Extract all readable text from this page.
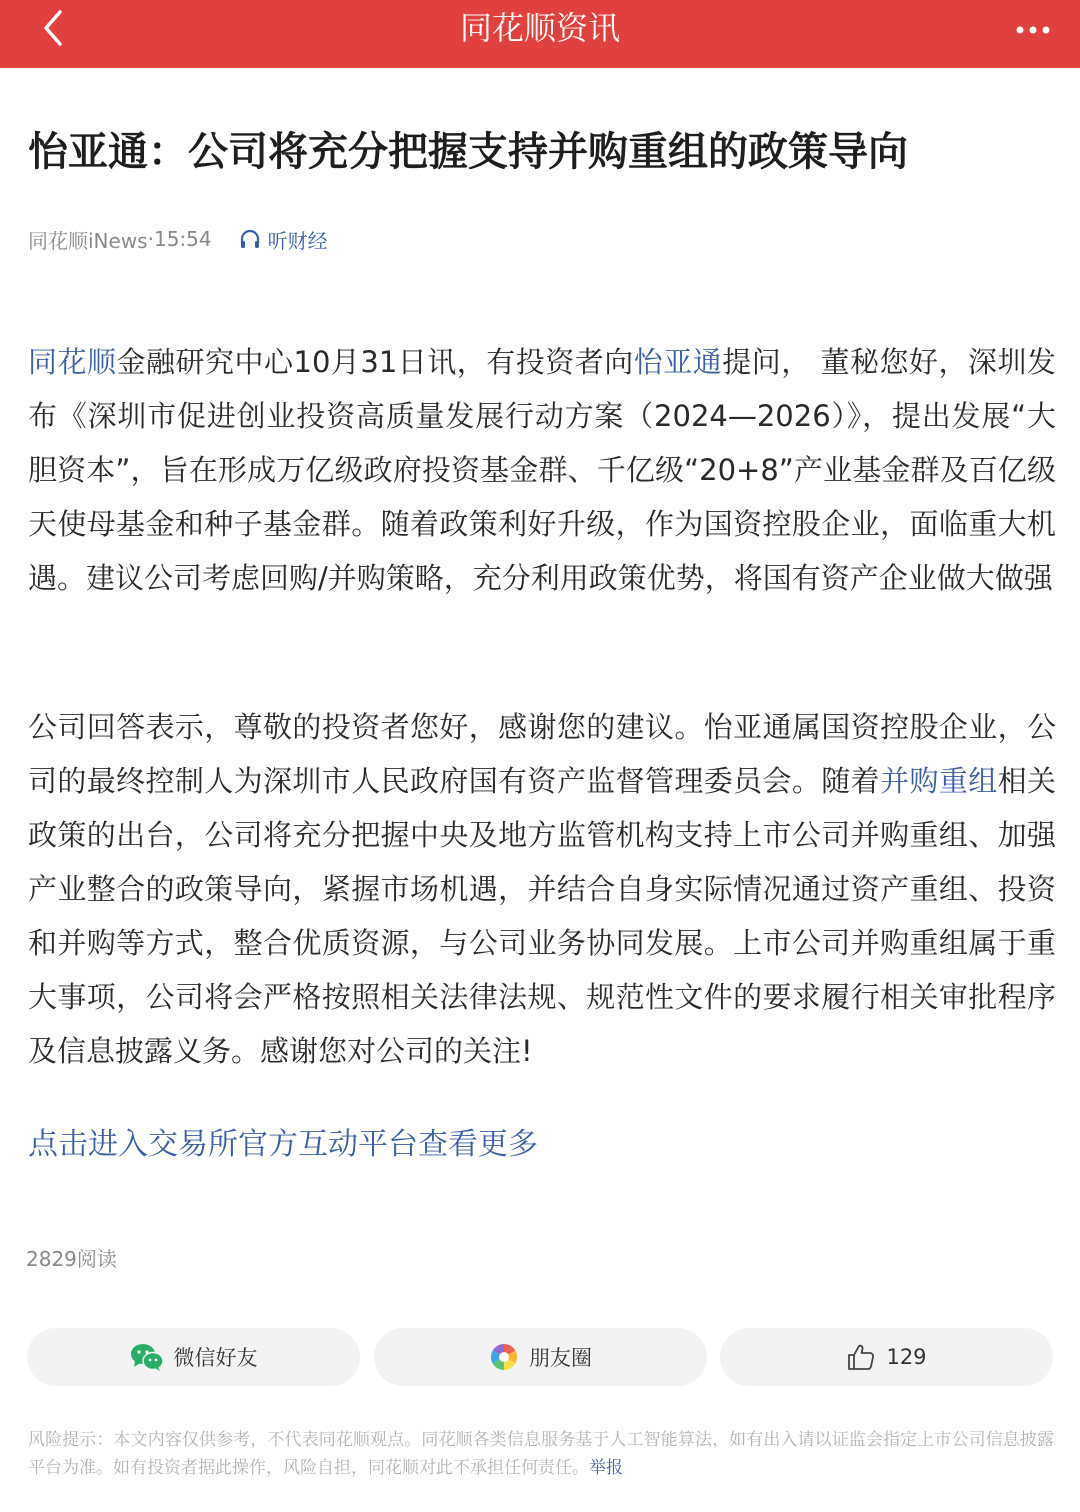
同花顺资讯
怡亚通：公司将充分把握支持并购重组的政策导向
同花顺iNews · 15:54	听财经

同花顺金融研究中心10月31日讯，有投资者向怡亚通提问， 董秘您好，深圳发布《深圳市促进创业投资高质量发展行动方案（2024—2026）》，提出发展“大胆资本”，旨在形成万亿级政府投资基金群、千亿级“20+8”产业基金群及百亿级天使母基金和种子基金群。随着政策利好升级，作为国资控股企业，面临重大机遇。建议公司考虑回购/并购策略，充分利用政策优势，将国有资产企业做大做强

公司回答表示，尊敬的投资者您好，感谢您的建议。怡亚通属国资控股企业，公司的最终控制人为深圳市人民政府国有资产监督管理委员会。随着并购重组相关政策的出台，公司将充分把握中央及地方监管机构支持上市公司并购重组、加强产业整合的政策导向，紧握市场机遇，并结合自身实际情况通过资产重组、投资和并购等方式，整合优质资源，与公司业务协同发展。上市公司并购重组属于重大事项，公司将会严格按照相关法律法规、规范性文件的要求履行相关审批程序及信息披露义务。感谢您对公司的关注!

点击进入交易所官方互动平台查看更多
2829阅读
微信好友	朋友圈	129

风险提示：本文内容仅供参考，不代表同花顺观点。同花顺各类信息服务基于人工智能算法，如有出入请以证监会指定上市公司信息披露平台为准。如有投资者据此操作，风险自担，同花顺对此不承担任何责任。举报
